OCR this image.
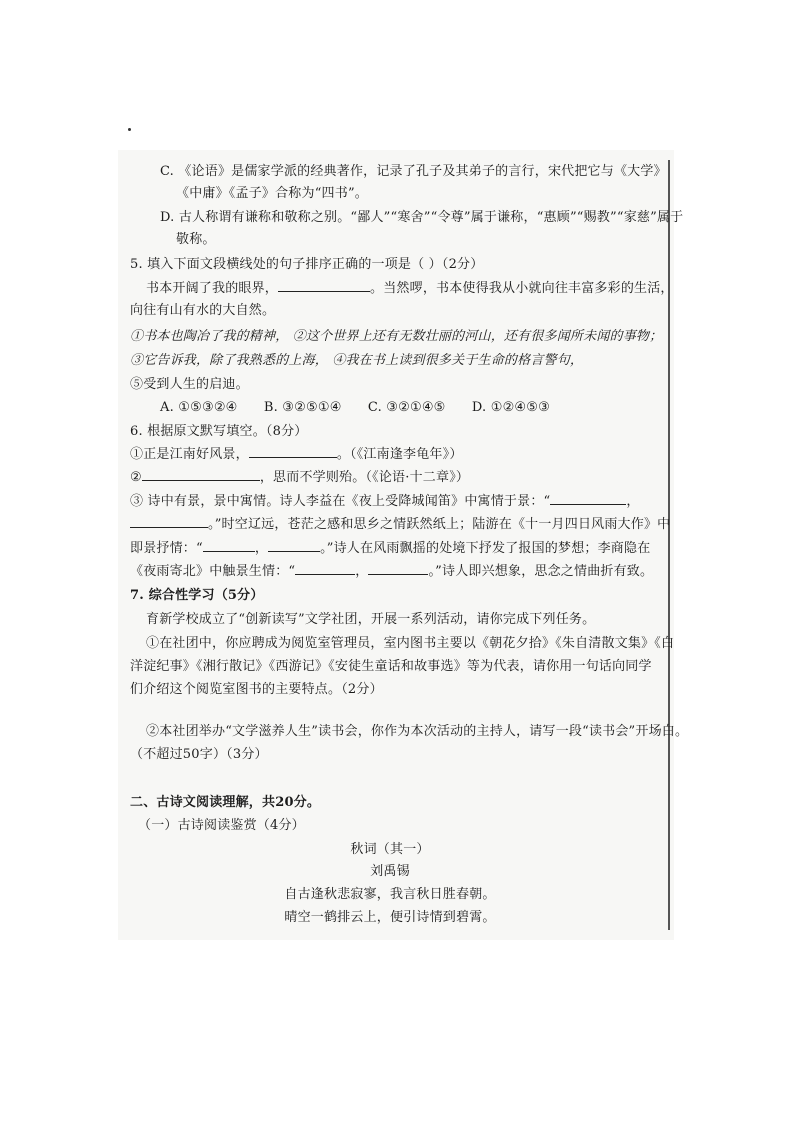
C. 《论语》是儒家学派的经典著作，记录了孔子及其弟子的言行，宋代把它与《大学》
《中庸》《孟子》合称为“四书”。
D. 古人称谓有谦称和敬称之别。“鄙人”“寒舍”“令尊”属于谦称，“惠顾”“赐教”“家慈”属于
敬称。
5. 填入下面文段横线处的句子排序正确的一项是（ ）（2分）
书本开阔了我的眼界，	。当然啰，书本使得我从小就向往丰富多彩的生活，
向往有山有水的大自然。
①书本也陶冶了我的精神， ②这个世界上还有无数壮丽的河山，还有很多闻所未闻的事物；
③它告诉我，除了我熟悉的上海， ④我在书上读到很多关于生命的格言警句，
⑤受到人生的启迪。
A. ①⑤③②④ B. ③②⑤①④ C. ③②①④⑤ D. ①②④⑤③
6. 根据原文默写填空。（8分）
①正是江南好风景，	。（《江南逢李龟年》）
②	，思而不学则殆。（《论语·十二章》）
③ 诗中有景，景中寓情。诗人李益在《夜上受降城闻笛》中寓情于景：“	，
。”时空辽远，苍茫之感和思乡之情跃然纸上；陆游在《十一月四日风雨大作》中
即景抒情：“	，	。”诗人在风雨飘摇的处境下抒发了报国的梦想；李商隐在
《夜雨寄北》中触景生情：“	，	。”诗人即兴想象，思念之情曲折有致。
7. 综合性学习（5分）
育新学校成立了“创新读写”文学社团，开展一系列活动，请你完成下列任务。
①在社团中，你应聘成为阅览室管理员，室内图书主要以《朝花夕拾》《朱自清散文集》《白
洋淀纪事》《湘行散记》《西游记》《安徒生童话和故事选》等为代表，请你用一句话向同学
们介绍这个阅览室图书的主要特点。（2分）
②本社团举办“文学滋养人生”读书会，你作为本次活动的主持人，请写一段“读书会”开场白。
（不超过50字）（3分）
二、古诗文阅读理解，共20分。
（一）古诗阅读鉴赏（4分）
秋词（其一）
刘禹锡
自古逢秋悲寂寥，我言秋日胜春朝。
晴空一鹤排云上，便引诗情到碧霄。
